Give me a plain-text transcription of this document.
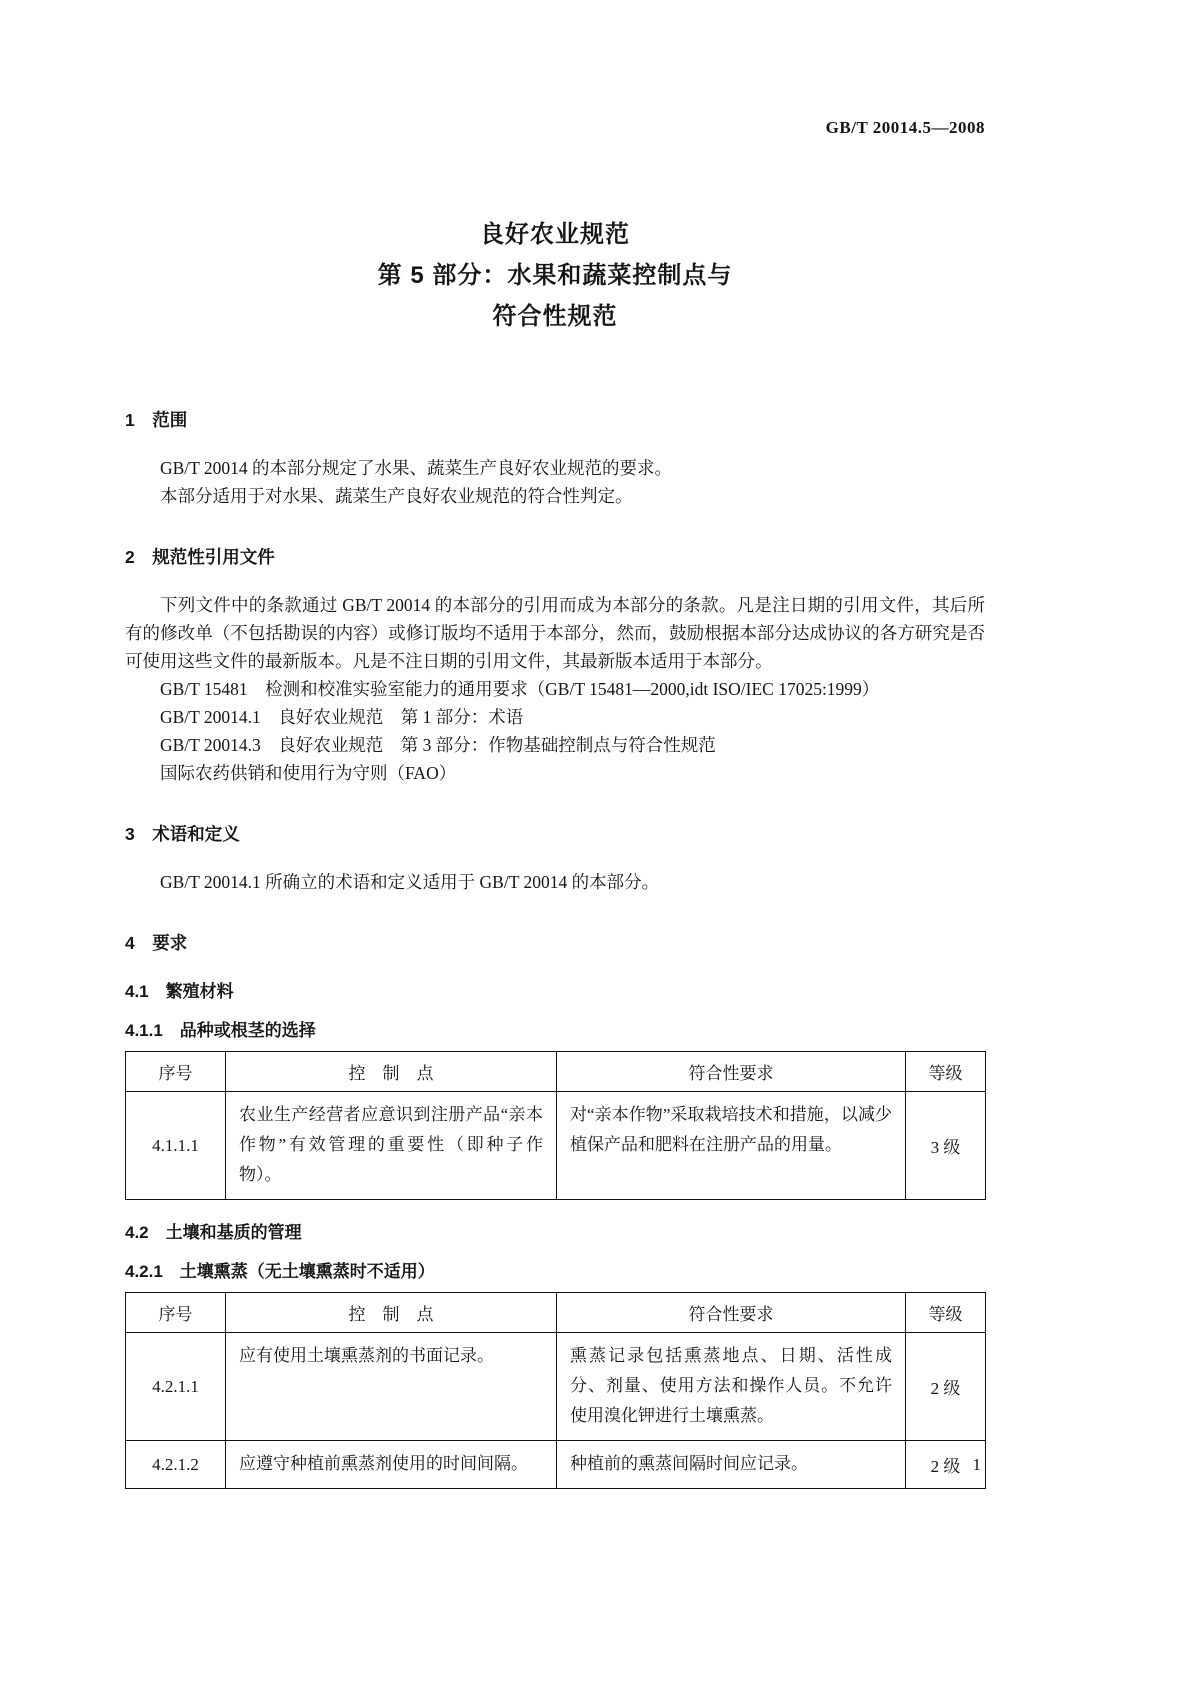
GB/T 20014.5—2008
良好农业规范
第 5 部分：水果和蔬菜控制点与
符合性规范
1　范围

GB/T 20014 的本部分规定了水果、蔬菜生产良好农业规范的要求。

本部分适用于对水果、蔬菜生产良好农业规范的符合性判定。

2　规范性引用文件

下列文件中的条款通过 GB/T 20014 的本部分的引用而成为本部分的条款。凡是注日期的引用文件，其后所有的修改单（不包括勘误的内容）或修订版均不适用于本部分，然而，鼓励根据本部分达成协议的各方研究是否可使用这些文件的最新版本。凡是不注日期的引用文件，其最新版本适用于本部分。

GB/T 15481　检测和校准实验室能力的通用要求（GB/T 15481—2000,idt ISO/IEC 17025:1999）
GB/T 20014.1　良好农业规范　第 1 部分：术语
GB/T 20014.3　良好农业规范　第 3 部分：作物基础控制点与符合性规范
国际农药供销和使用行为守则（FAO）
3　术语和定义

GB/T 20014.1 所确立的术语和定义适用于 GB/T 20014 的本部分。

4　要求
4.1　繁殖材料
4.1.1　品种或根茎的选择
序号	控　制　点	符合性要求	等级
4.1.1.1	农业生产经营者应意识到注册产品“亲本作物”有效管理的重要性（即种子作物）。	对“亲本作物”采取栽培技术和措施，以减少植保产品和肥料在注册产品的用量。	3 级
4.2　土壤和基质的管理
4.2.1　土壤熏蒸（无土壤熏蒸时不适用）
序号	控　制　点	符合性要求	等级
4.2.1.1	应有使用土壤熏蒸剂的书面记录。	熏蒸记录包括熏蒸地点、日期、活性成分、剂量、使用方法和操作人员。不允许使用溴化钾进行土壤熏蒸。	2 级
4.2.1.2	应遵守种植前熏蒸剂使用的时间间隔。	种植前的熏蒸间隔时间应记录。	2 级 1
